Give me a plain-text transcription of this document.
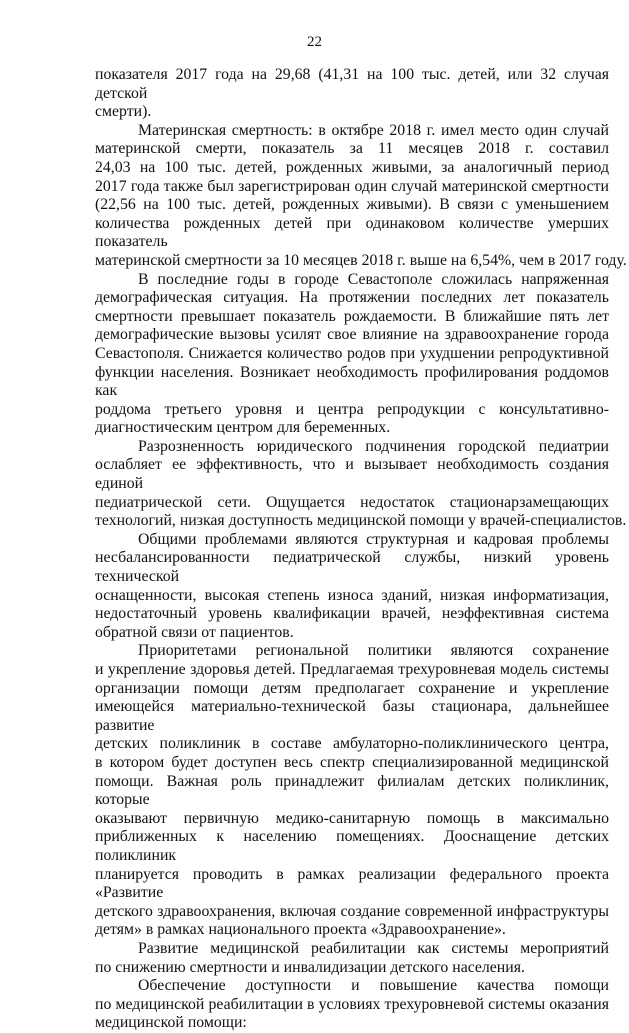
22
показателя 2017 года на 29,68 (41,31 на 100 тыс. детей, или 32 случая детской
смерти).
Материнская смертность: в октябре 2018 г. имел место один случай
материнской смерти, показатель за 11 месяцев 2018 г. составил
24,03 на 100 тыс. детей, рожденных живыми, за аналогичный период
2017 года также был зарегистрирован один случай материнской смертности
(22,56 на 100 тыс. детей, рожденных живыми). В связи с уменьшением
количества рожденных детей при одинаковом количестве умерших показатель
материнской смертности за 10 месяцев 2018 г. выше на 6,54%, чем в 2017 году.
В последние годы в городе Севастополе сложилась напряженная
демографическая ситуация. На протяжении последних лет показатель
смертности превышает показатель рождаемости. В ближайшие пять лет
демографические вызовы усилят свое влияние на здравоохранение города
Севастополя. Снижается количество родов при ухудшении репродуктивной
функции населения. Возникает необходимость профилирования роддомов как
роддома третьего уровня и центра репродукции с консультативно-
диагностическим центром для беременных.
Разрозненность юридического подчинения городской педиатрии
ослабляет ее эффективность, что и вызывает необходимость создания единой
педиатрической сети. Ощущается недостаток стационарзамещающих
технологий, низкая доступность медицинской помощи у врачей-специалистов.
Общими проблемами являются структурная и кадровая проблемы
несбалансированности педиатрической службы, низкий уровень технической
оснащенности, высокая степень износа зданий, низкая информатизация,
недостаточный уровень квалификации врачей, неэффективная система
обратной связи от пациентов.
Приоритетами региональной политики являются сохранение
и укрепление здоровья детей. Предлагаемая трехуровневая модель системы
организации помощи детям предполагает сохранение и укрепление
имеющейся материально-технической базы стационара, дальнейшее развитие
детских поликлиник в составе амбулаторно-поликлинического центра,
в котором будет доступен весь спектр специализированной медицинской
помощи. Важная роль принадлежит филиалам детских поликлиник, которые
оказывают первичную медико-санитарную помощь в максимально
приближенных к населению помещениях. Дооснащение детских поликлиник
планируется проводить в рамках реализации федерального проекта «Развитие
детского здравоохранения, включая создание современной инфраструктуры
детям» в рамках национального проекта «Здравоохранение».
Развитие медицинской реабилитации как системы мероприятий
по снижению смертности и инвалидизации детского населения.
Обеспечение доступности и повышение качества помощи
по медицинской реабилитации в условиях трехуровневой системы оказания
медицинской помощи:
